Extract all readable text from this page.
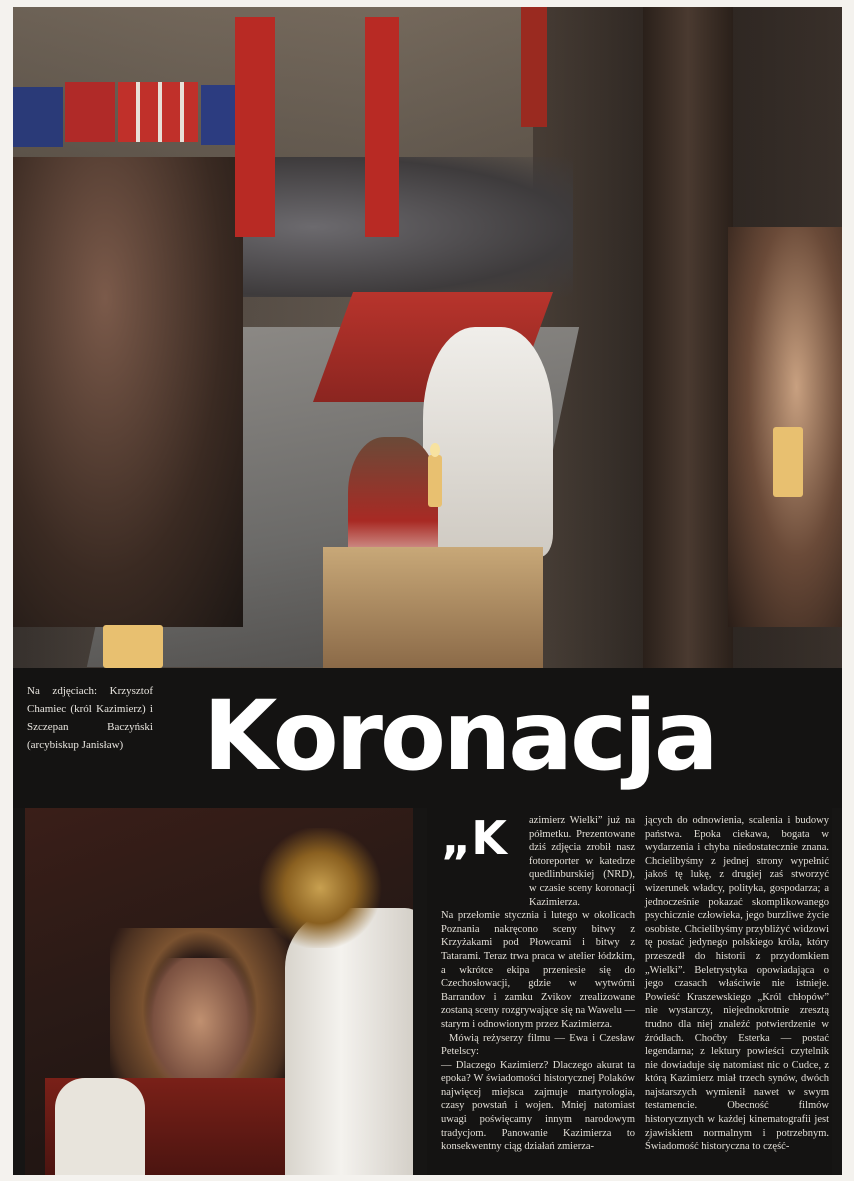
Na zdjęciach: Krzysztof Chamiec (król Kazimierz) i Szczepan Baczyński (arcybiskup Janisław) Koronacja
„K	azimierz Wielki” już na półmetku. Prezentowane dziś zdjęcia zrobił nasz fotoreporter w katedrze quedlinburskiej (NRD), w czasie sceny koronacji Kazimierza.

Na przełomie stycznia i lutego w okolicach Poznania nakręcono sceny bitwy z Krzyżakami pod Płowcami i bitwy z Tatarami. Teraz trwa praca w atelier łódzkim, a wkrótce ekipa przeniesie się do Czechosłowacji, gdzie w wytwórni Barrandov i zamku Zvikov zrealizowane zostaną sceny rozgrywające się na Wawelu — starym i odnowionym przez Kazimierza.

Mówią reżyserzy filmu — Ewa i Czesław Petelscy:

— Dlaczego Kazimierz? Dlaczego akurat ta epoka? W świadomości historycznej Polaków najwięcej miejsca zajmuje martyrologia, czasy powstań i wojen. Mniej natomiast uwagi poświęcamy innym narodowym tradycjom. Panowanie Kazimierza to konsekwentny ciąg działań zmierza-

jących do odnowienia, scalenia i budowy państwa. Epoka ciekawa, bogata w wydarzenia i chyba niedostatecznie znana. Chcielibyśmy z jednej strony wypełnić jakoś tę lukę, z drugiej zaś stworzyć wizerunek władcy, polityka, gospodarza; a jednocześnie pokazać skomplikowanego psychicznie człowieka, jego burzliwe życie osobiste. Chcielibyśmy przybliżyć widzowi tę postać jedynego polskiego króla, który przeszedł do historii z przydomkiem „Wielki”. Beletrystyka opowiadająca o jego czasach właściwie nie istnieje. Powieść Kraszewskiego „Król chłopów” nie wystarczy, niejednokrotnie zresztą trudno dla niej znaleźć potwierdzenie w źródłach. Choćby Esterka — postać legendarna; z lektury powieści czytelnik nie dowiaduje się natomiast nic o Cudce, z którą Kazimierz miał trzech synów, dwóch najstarszych wymienił nawet w swym testamencie. Obecność filmów historycznych w każdej kinematografii jest zjawiskiem normalnym i potrzebnym. Świadomość historyczna to część-
